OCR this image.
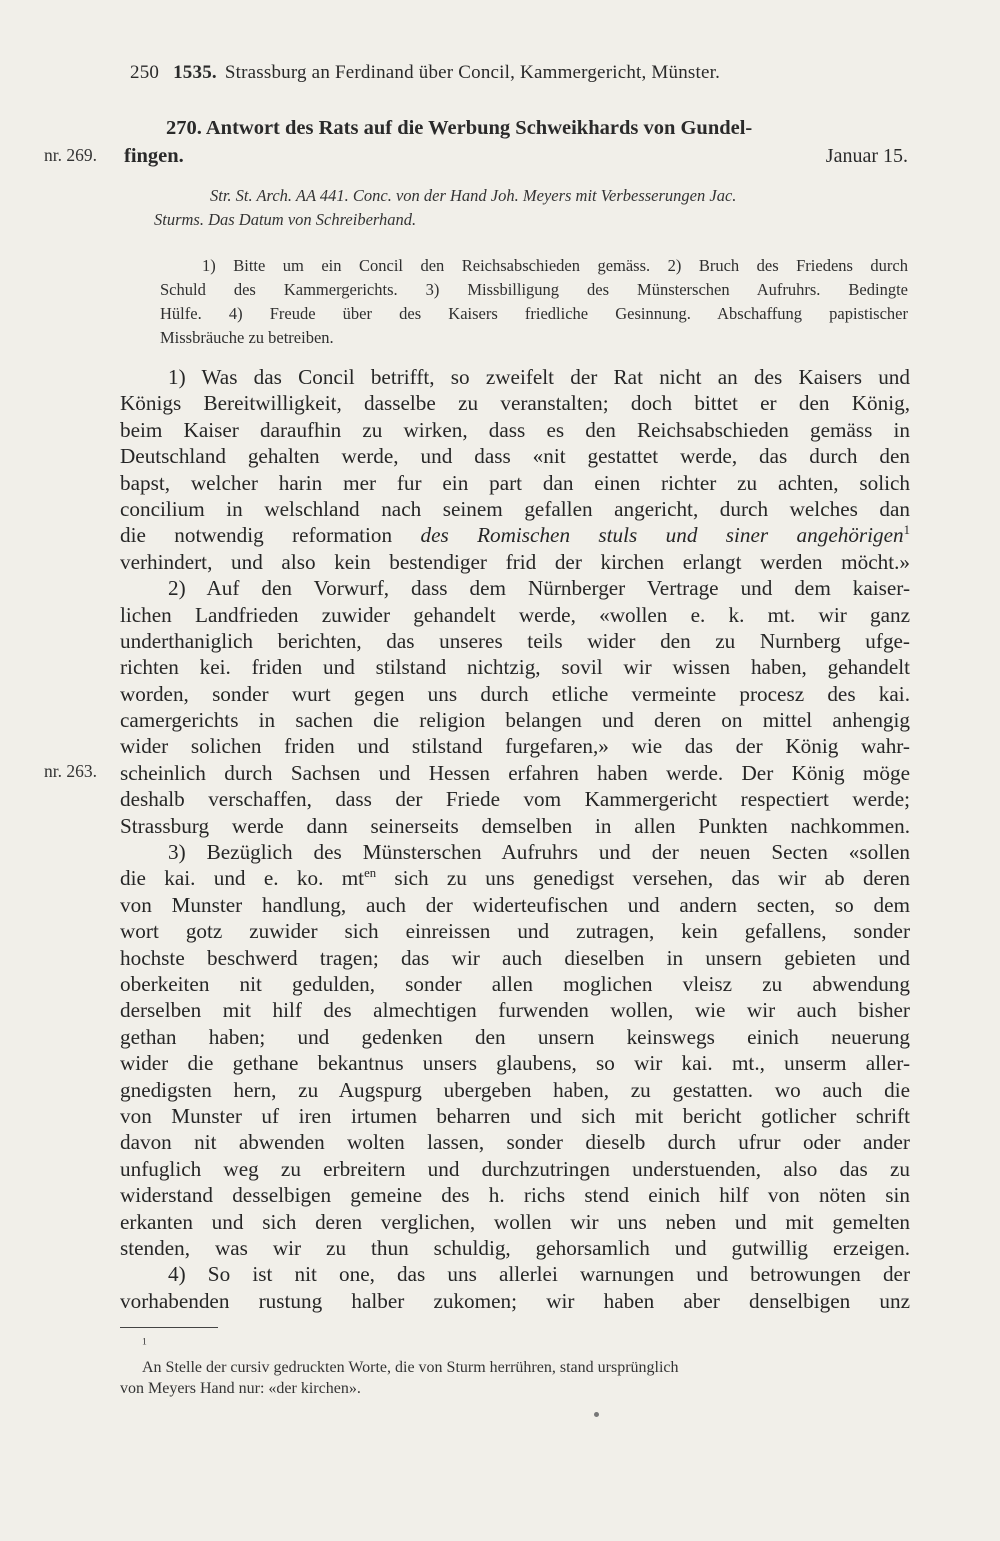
250 1535. Strassburg an Ferdinand über Concil, Kammergericht, Münster.
nr. 269.
nr. 263.
270. Antwort des Rats auf die Werbung Schweikhards von Gundel-
fingen.	Januar 15.
Str. St. Arch. AA 441. Conc. von der Hand Joh. Meyers mit Verbesserungen Jac.
Sturms. Das Datum von Schreiberhand.
1) Bitte um ein Concil den Reichsabschieden gemäss. 2) Bruch des Friedens durch
Schuld des Kammergerichts. 3) Missbilligung des Münsterschen Aufruhrs. Bedingte
Hülfe. 4) Freude über des Kaisers friedliche Gesinnung. Abschaffung papistischer
Missbräuche zu betreiben.
1) Was das Concil betrifft, so zweifelt der Rat nicht an des Kaisers und
Königs Bereitwilligkeit, dasselbe zu veranstalten; doch bittet er den König,
beim Kaiser daraufhin zu wirken, dass es den Reichsabschieden gemäss in
Deutschland gehalten werde, und dass «nit gestattet werde, das durch den
bapst, welcher harin mer fur ein part dan einen richter zu achten, solich
concilium in welschland nach seinem gefallen angericht, durch welches dan
die notwendig reformation des Romischen stuls und siner angehörigen$^1$
verhindert, und also kein bestendiger frid der kirchen erlangt werden möcht.»
2) Auf den Vorwurf, dass dem Nürnberger Vertrage und dem kaiser-
lichen Landfrieden zuwider gehandelt werde, «wollen e. k. mt. wir ganz
underthaniglich berichten, das unseres teils wider den zu Nurnberg ufge-
richten kei. friden und stilstand nichtzig, sovil wir wissen haben, gehandelt
worden, sonder wurt gegen uns durch etliche vermeinte procesz des kai.
camergerichts in sachen die religion belangen und deren on mittel anhengig
wider solichen friden und stilstand furgefaren,» wie das der König wahr-
scheinlich durch Sachsen und Hessen erfahren haben werde. Der König möge
deshalb verschaffen, dass der Friede vom Kammergericht respectiert werde;
Strassburg werde dann seinerseits demselben in allen Punkten nachkommen.
3) Bezüglich des Münsterschen Aufruhrs und der neuen Secten «sollen
die kai. und e. ko. $mt^{en}$ sich zu uns genedigst versehen, das wir ab deren
von Munster handlung, auch der widerteufischen und andern secten, so dem
wort gotz zuwider sich einreissen und zutragen, kein gefallens, sonder
hochste beschwerd tragen; das wir auch dieselben in unsern gebieten und
oberkeiten nit gedulden, sonder allen moglichen vleisz zu abwendung
derselben mit hilf des almechtigen furwenden wollen, wie wir auch bisher
gethan haben; und gedenken den unsern keinswegs einich neuerung
wider die gethane bekantnus unsers glaubens, so wir kai. mt., unserm aller-
gnedigsten hern, zu Augspurg ubergeben haben, zu gestatten. wo auch die
von Munster uf iren irtumen beharren und sich mit bericht gotlicher schrift
davon nit abwenden wolten lassen, sonder dieselb durch ufrur oder ander
unfuglich weg zu erbreitern und durchzutringen understuenden, also das zu
widerstand desselbigen gemeine des h. richs stend einich hilf von nöten sin
erkanten und sich deren verglichen, wollen wir uns neben und mit gemelten
stenden, was wir zu thun schuldig, gehorsamlich und gutwillig erzeigen.
4) So ist nit one, das uns allerlei warnungen und betrowungen der
vorhabenden rustung halber zukomen; wir haben aber denselbigen unz
$^1$
An Stelle der cursiv gedruckten Worte, die von Sturm herrühren, stand ursprünglich
von Meyers Hand nur: «der kirchen».
